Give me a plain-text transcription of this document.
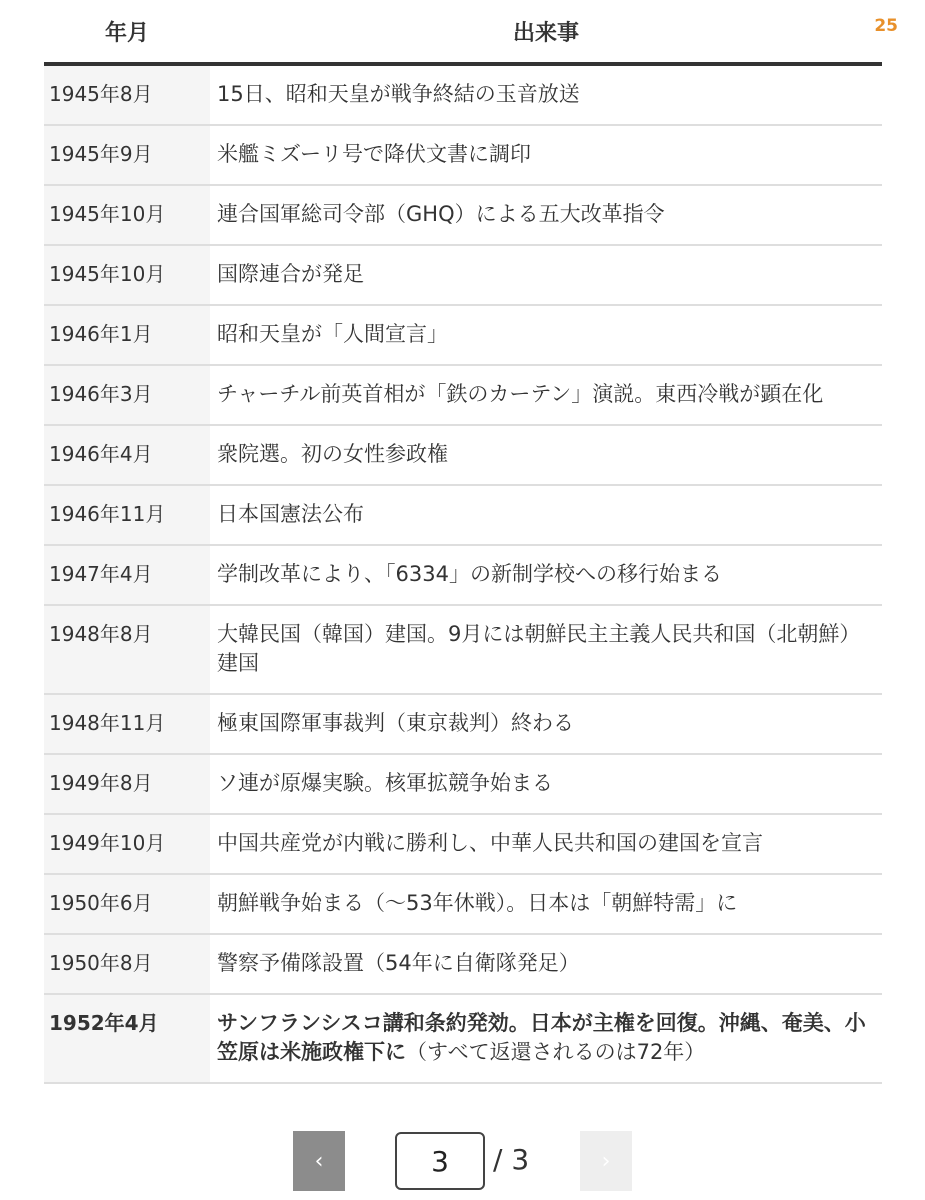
25
年月	出来事
1945年8月	15日、昭和天皇が戦争終結の玉音放送
1945年9月	米艦ミズーリ号で降伏文書に調印
1945年10月	連合国軍総司令部（GHQ）による五大改革指令
1945年10月	国際連合が発足
1946年1月	昭和天皇が「人間宣言」
1946年3月	チャーチル前英首相が「鉄のカーテン」演説。東西冷戦が顕在化
1946年4月	衆院選。初の女性参政権
1946年11月	日本国憲法公布
1947年4月	学制改革により、「6334」の新制学校への移行始まる
1948年8月	大韓民国（韓国）建国。9月には朝鮮民主主義人民共和国（北朝鮮）建国
1948年11月	極東国際軍事裁判（東京裁判）終わる
1949年8月	ソ連が原爆実験。核軍拡競争始まる
1949年10月	中国共産党が内戦に勝利し、中華人民共和国の建国を宣言
1950年6月	朝鮮戦争始まる（～53年休戦）。日本は「朝鮮特需」に
1950年8月	警察予備隊設置（54年に自衛隊発足）
1952年4月	サンフランシスコ講和条約発効。日本が主権を回復。沖縄、奄美、小笠原は米施政権下に（すべて返還されるのは72年）
‹
3	/ 3	›
